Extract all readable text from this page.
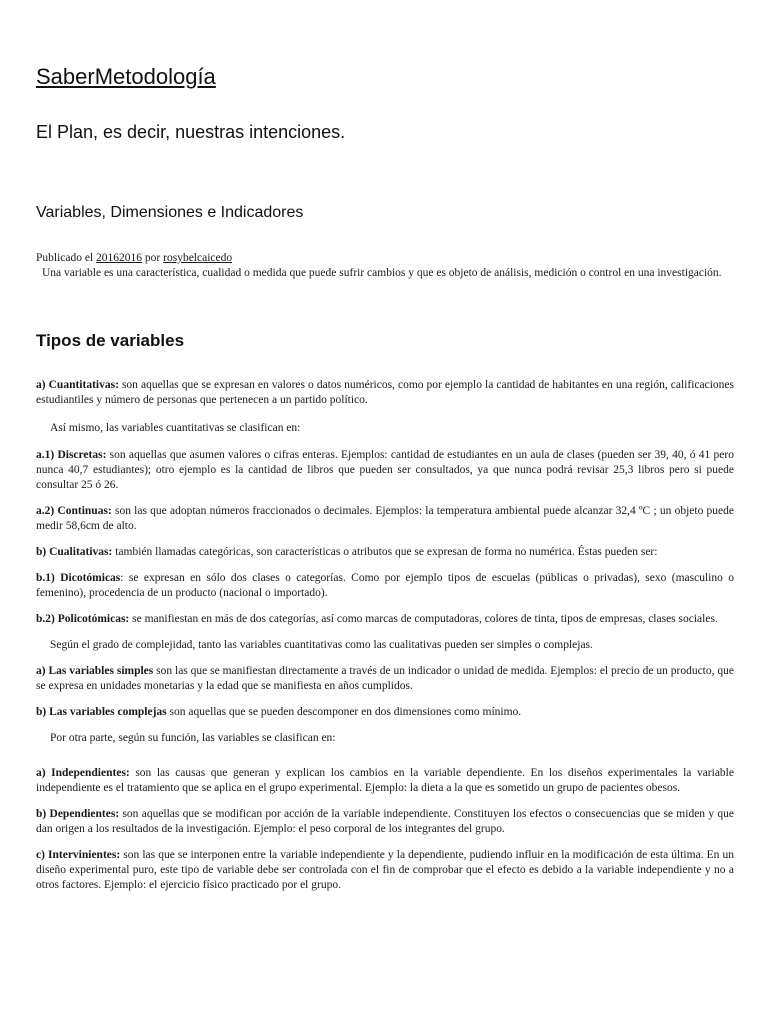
SaberMetodología
El Plan, es decir, nuestras intenciones.
Variables, Dimensiones e Indicadores
Publicado el 20162016 por rosybelcaicedo
Una variable es una característica, cualidad o medida que puede sufrir cambios y que es objeto de análisis, medición o control en una investigación.
Tipos de variables

a) Cuantitativas: son aquellas que se expresan en valores o datos numéricos, como por ejemplo la cantidad de habitantes en una región, calificaciones estudiantiles y número de personas que pertenecen a un partido político.

Así mismo, las variables cuantitativas se clasifican en:

a.1) Discretas: son aquellas que asumen valores o cifras enteras. Ejemplos: cantidad de estudiantes en un aula de clases (pueden ser 39, 40, ó 41 pero nunca 40,7 estudiantes); otro ejemplo es la cantidad de libros que pueden ser consultados, ya que nunca podrá revisar 25,3 libros pero si puede consultar 25 ó 26.

a.2) Continuas: son las que adoptan números fraccionados o decimales. Ejemplos: la temperatura ambiental puede alcanzar 32,4 ºC ; un objeto puede medir 58,6cm de alto.

b) Cualitativas: también llamadas categóricas, son características o atributos que se expresan de forma no numérica. Éstas pueden ser:

b.1) Dicotómicas: se expresan en sólo dos clases o categorías. Como por ejemplo tipos de escuelas (públicas o privadas), sexo (masculino o femenino), procedencia de un producto (nacional o importado).

b.2) Policotómicas: se manifiestan en más de dos categorías, así como marcas de computadoras, colores de tinta, tipos de empresas, clases sociales.

Según el grado de complejidad, tanto las variables cuantitativas como las cualitativas pueden ser simples o complejas.

a) Las variables simples son las que se manifiestan directamente a través de un indicador o unidad de medida. Ejemplos: el precio de un producto, que se expresa en unidades monetarias y la edad que se manifiesta en años cumplidos.

b) Las variables complejas son aquellas que se pueden descomponer en dos dimensiones como mínimo.

Por otra parte, según su función, las variables se clasifican en:

a) Independientes: son las causas que generan y explican los cambios en la variable dependiente. En los diseños experimentales la variable independiente es el tratamiento que se aplica en el grupo experimental. Ejemplo: la dieta a la que es sometido un grupo de pacientes obesos.

b) Dependientes: son aquellas que se modifican por acción de la variable independiente. Constituyen los efectos o consecuencias que se miden y que dan origen a los resultados de la investigación. Ejemplo: el peso corporal de los integrantes del grupo.

c) Intervinientes: son las que se interponen entre la variable independiente y la dependiente, pudiendo influir en la modificación de esta última. En un diseño experimental puro, este tipo de variable debe ser controlada con el fin de comprobar que el efecto es debido a la variable independiente y no a otros factores. Ejemplo: el ejercicio físico practicado por el grupo.
